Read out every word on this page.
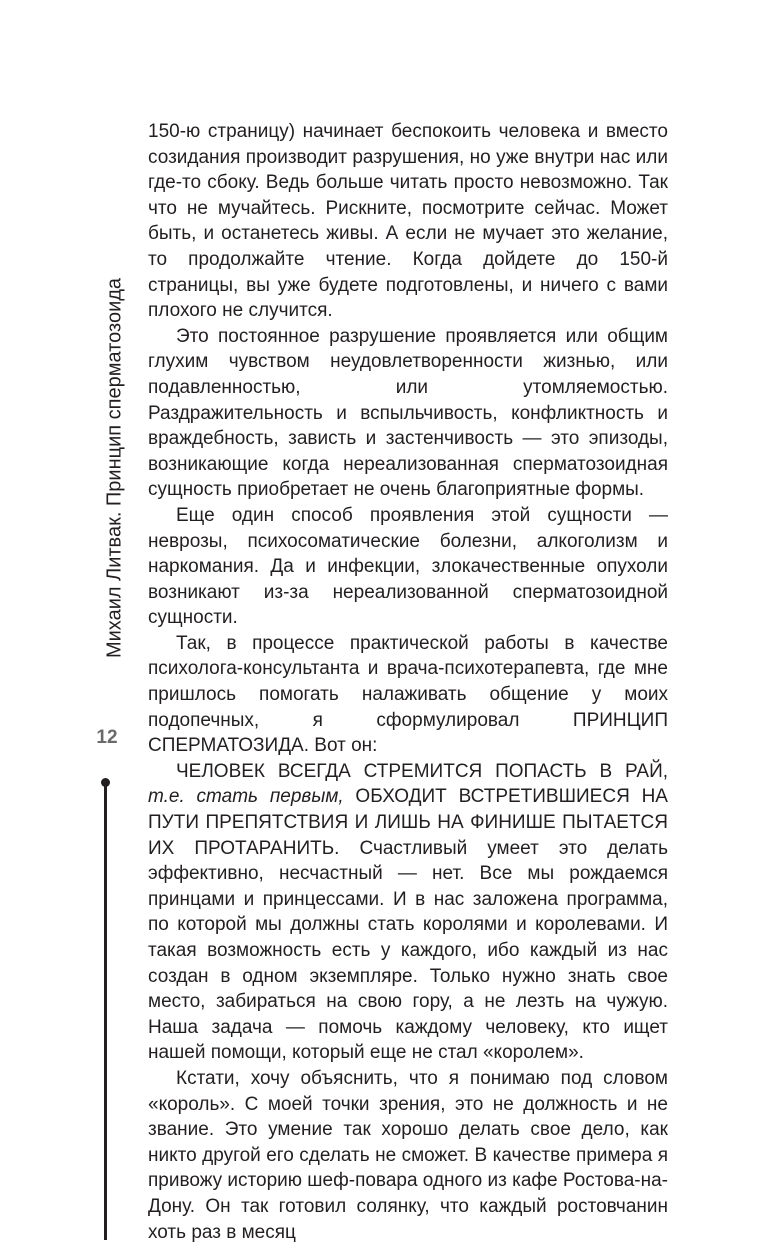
Михаил Литвак. Принцип сперматозоида
12

150-ю страницу) начинает беспокоить человека и вместо созидания производит разрушения, но уже внутри нас или где-то сбоку. Ведь больше читать просто невозможно. Так что не мучайтесь. Рискните, посмотрите сейчас. Может быть, и останетесь живы. А если не мучает это желание, то продолжайте чтение. Когда дойдете до 150-й страницы, вы уже будете подготовлены, и ничего с вами плохого не случится.

Это постоянное разрушение проявляется или общим глухим чувством неудовлетворенности жизнью, или подавленностью, или утомляемостью. Раздражительность и вспыльчивость, конфликтность и враждебность, зависть и застенчивость — это эпизоды, возникающие когда нереализованная сперматозоидная сущность приобретает не очень благоприятные формы.

Еще один способ проявления этой сущности — неврозы, психосоматические болезни, алкоголизм и наркомания. Да и инфекции, злокачественные опухоли возникают из-за нереализованной сперматозоидной сущности.

Так, в процессе практической работы в качестве психолога-консультанта и врача-психотерапевта, где мне пришлось помогать налаживать общение у моих подопечных, я сформулировал ПРИНЦИП СПЕРМАТОЗИДА. Вот он:

ЧЕЛОВЕК ВСЕГДА СТРЕМИТСЯ ПОПАСТЬ В РАЙ, т.е. стать первым, ОБХОДИТ ВСТРЕТИВШИЕСЯ НА ПУТИ ПРЕПЯТСТВИЯ И ЛИШЬ НА ФИНИШЕ ПЫТАЕТСЯ ИХ ПРОТАРАНИТЬ. Счастливый умеет это делать эффективно, несчастный — нет. Все мы рождаемся принцами и принцессами. И в нас заложена программа, по которой мы должны стать королями и королевами. И такая возможность есть у каждого, ибо каждый из нас создан в одном экземпляре. Только нужно знать свое место, забираться на свою гору, а не лезть на чужую. Наша задача — помочь каждому человеку, кто ищет нашей помощи, который еще не стал «королем».

Кстати, хочу объяснить, что я понимаю под словом «король». С моей точки зрения, это не должность и не звание. Это умение так хорошо делать свое дело, как никто другой его сделать не сможет. В качестве примера я привожу историю шеф-повара одного из кафе Ростова-на-Дону. Он так готовил солянку, что каждый ростовчанин хоть раз в месяц
